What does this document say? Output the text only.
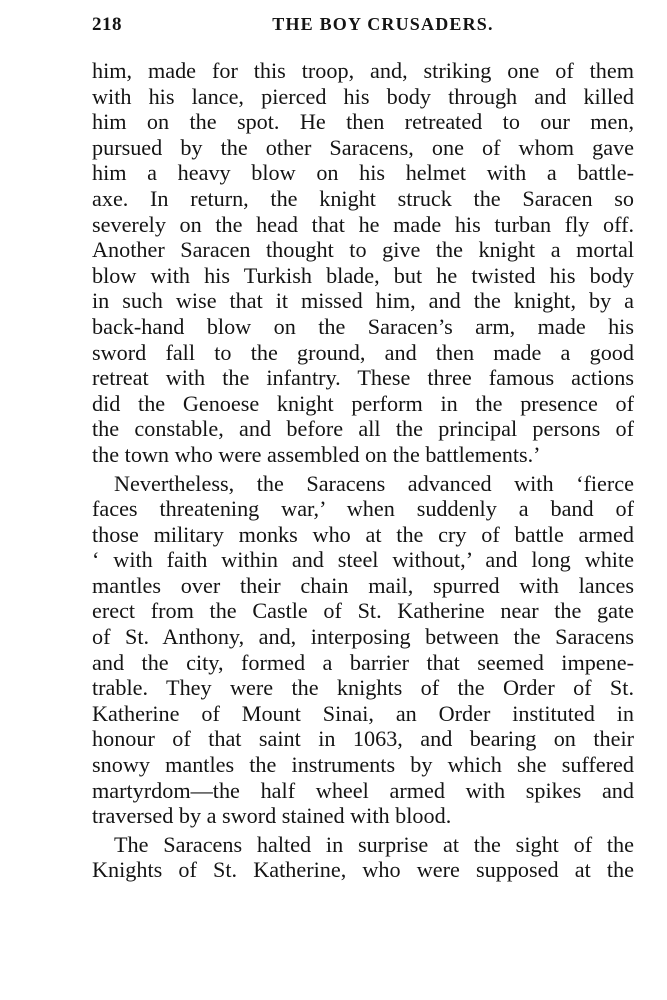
218	THE BOY CRUSADERS.
him, made for this troop, and, striking one of them
with his lance, pierced his body through and killed
him on the spot. He then retreated to our men,
pursued by the other Saracens, one of whom gave
him a heavy blow on his helmet with a battle-
axe. In return, the knight struck the Saracen so
severely on the head that he made his turban fly off.
Another Saracen thought to give the knight a mortal
blow with his Turkish blade, but he twisted his body
in such wise that it missed him, and the knight, by a
back-hand blow on the Saracen’s arm, made his
sword fall to the ground, and then made a good
retreat with the infantry. These three famous actions
did the Genoese knight perform in the presence of
the constable, and before all the principal persons of
the town who were assembled on the battlements.’
Nevertheless, the Saracens advanced with ‘fierce
faces threatening war,’ when suddenly a band of
those military monks who at the cry of battle armed
‘ with faith within and steel without,’ and long white
mantles over their chain mail, spurred with lances
erect from the Castle of St. Katherine near the gate
of St. Anthony, and, interposing between the Saracens
and the city, formed a barrier that seemed impene-
trable. They were the knights of the Order of St.
Katherine of Mount Sinai, an Order instituted in
honour of that saint in 1063, and bearing on their
snowy mantles the instruments by which she suffered
martyrdom—the half wheel armed with spikes and
traversed by a sword stained with blood.
The Saracens halted in surprise at the sight of the
Knights of St. Katherine, who were supposed at the
